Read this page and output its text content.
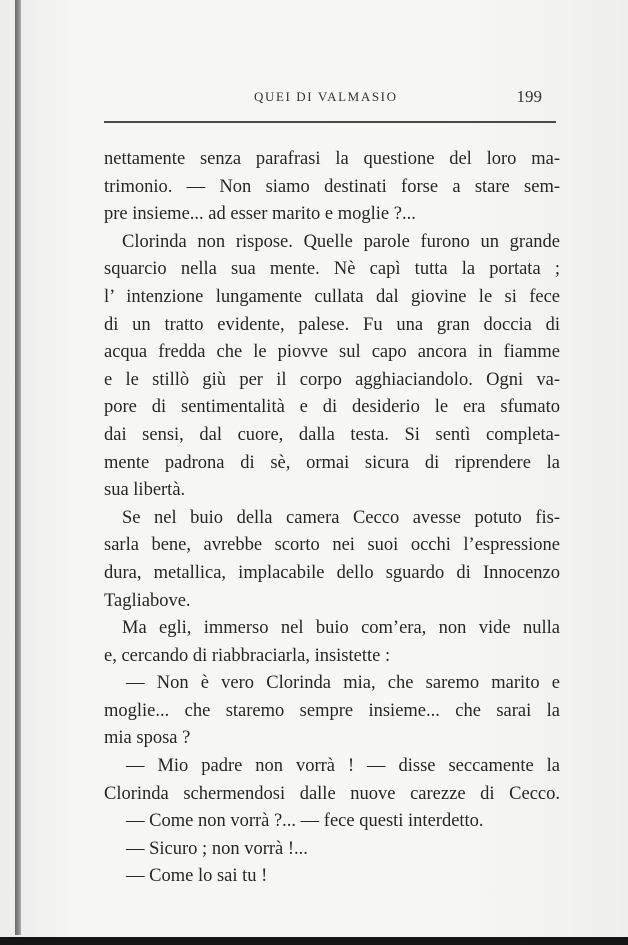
QUEI DI VALMASIO	199
nettamente senza parafrasi la questione del loro ma-
trimonio. — Non siamo destinati forse a stare sem-
pre insieme... ad esser marito e moglie ?...
Clorinda non rispose. Quelle parole furono un grande
squarcio nella sua mente. Nè capì tutta la portata ;
l’ intenzione lungamente cullata dal giovine le si fece
di un tratto evidente, palese. Fu una gran doccia di
acqua fredda che le piovve sul capo ancora in fiamme
e le stillò giù per il corpo agghiaciandolo. Ogni va-
pore di sentimentalità e di desiderio le era sfumato
dai sensi, dal cuore, dalla testa. Si sentì completa-
mente padrona di sè, ormai sicura di riprendere la
sua libertà.
Se nel buio della camera Cecco avesse potuto fis-
sarla bene, avrebbe scorto nei suoi occhi l’espressione
dura, metallica, implacabile dello sguardo di Innocenzo
Tagliabove.
Ma egli, immerso nel buio com’era, non vide nulla
e, cercando di riabbraciarla, insistette :
— Non è vero Clorinda mia, che saremo marito e
moglie... che staremo sempre insieme... che sarai la
mia sposa ?
— Mio padre non vorrà ! — disse seccamente la
Clorinda schermendosi dalle nuove carezze di Cecco.
— Come non vorrà ?... — fece questi interdetto.
— Sicuro ; non vorrà !...
— Come lo sai tu !
